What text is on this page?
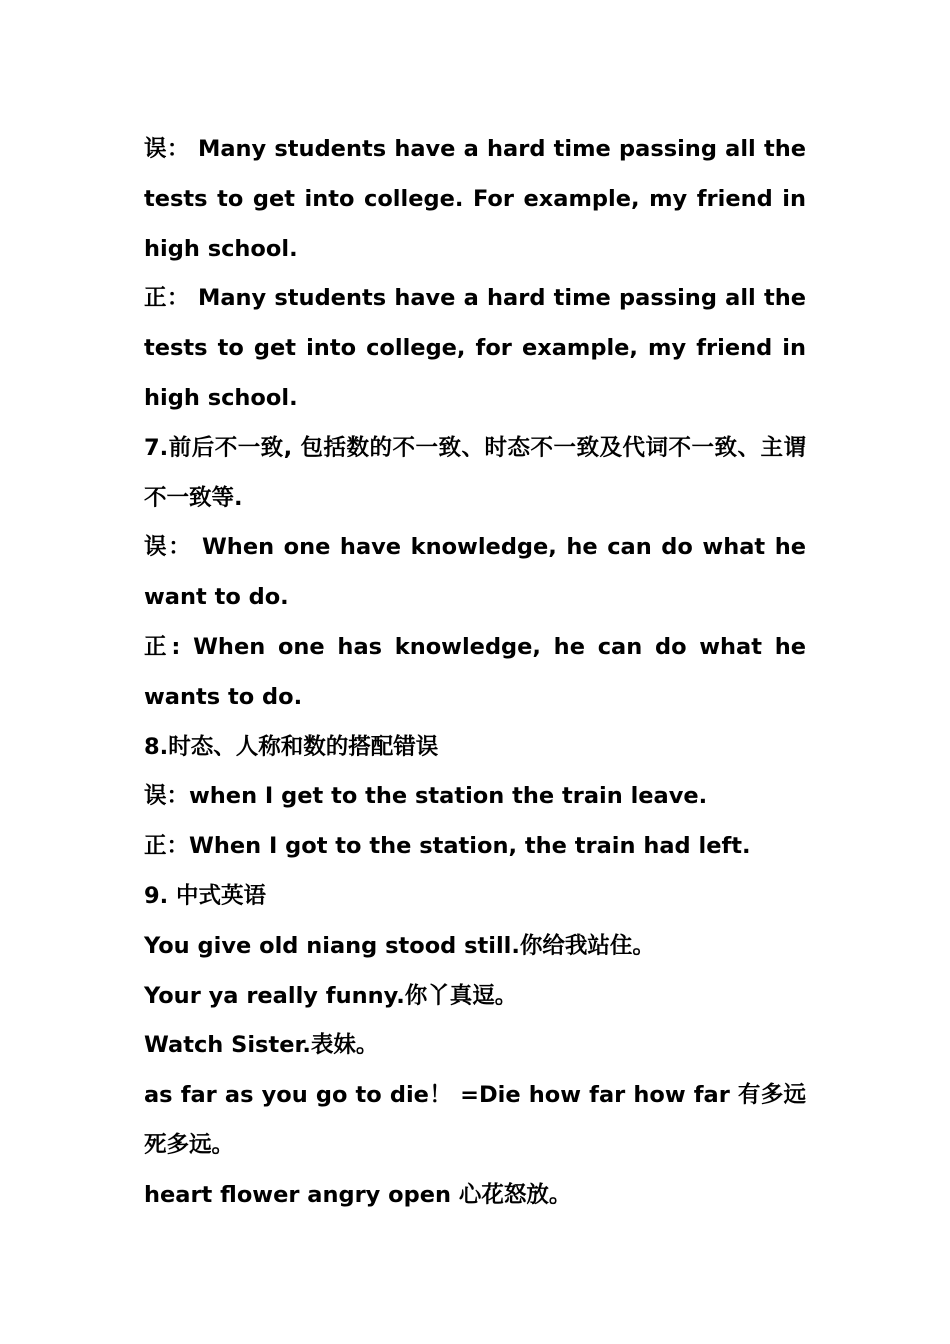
误： Many students have a hard time passing all the tests to get into college. For example, my friend in high school.

正： Many students have a hard time passing all the tests to get into college, for example, my friend in high school.

7.前后不一致, 包括数的不一致、时态不一致及代词不一致、主谓不一致等.

误： When one have knowledge, he can do what he want to do.

正: When one has knowledge, he can do what he wants to do.

8.时态、人称和数的搭配错误

误：when I get to the station the train leave.

正：When I got to the station, the train had left.

9. 中式英语

You give old niang stood still.你给我站住。

Your ya really funny.你丫真逗。

Watch Sister.表妹。

as far as you go to die！ =Die how far how far 有多远死多远。

heart flower angry open 心花怒放。
